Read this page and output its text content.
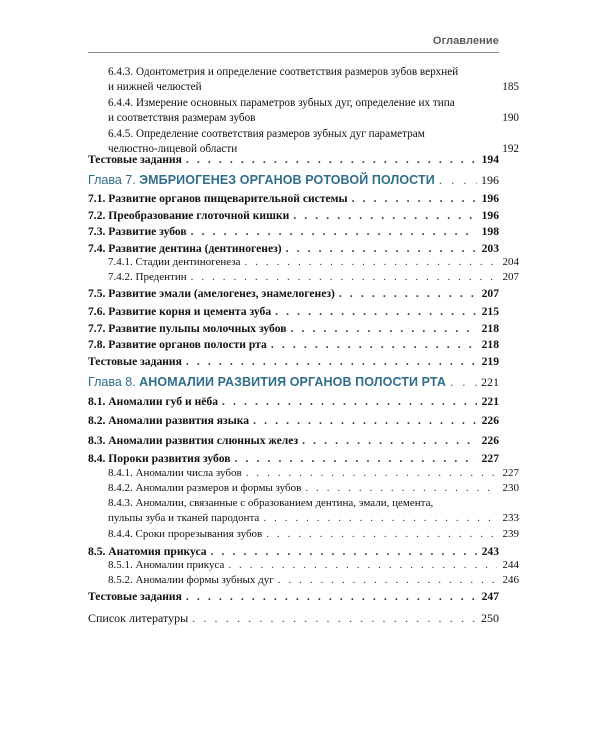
Оглавление
6.4.3. Одонтометрия и определение соответствия размеров зубов верхней
и нижней челюстей	185
6.4.4. Измерение основных параметров зубных дуг, определение их типа
и соответствия размерам зубов	190
6.4.5. Определение соответствия размеров зубных дуг параметрам
челюстно-лицевой области	192
Тестовые задания . . .	194
Глава 7. ЭМБРИОГЕНЕЗ ОРГАНОВ РОТОВОЙ ПОЛОСТИ . . .	196
7.1. Развитие органов пищеварительной системы . . .	196
7.2. Преобразование глоточной кишки . . .	196
7.3. Развитие зубов . . .	198
7.4. Развитие дентина (дентиногенез) . . .	203
7.4.1. Стадии дентиногенеза . . .	204
7.4.2. Предентин . . .	207
7.5. Развитие эмали (амелогенез, энамелогенез) . . .	207
7.6. Развитие корня и цемента зуба . . .	215
7.7. Развитие пульпы молочных зубов . . .	218
7.8. Развитие органов полости рта . . .	218
Тестовые задания . . .	219
Глава 8. АНОМАЛИИ РАЗВИТИЯ ОРГАНОВ ПОЛОСТИ РТА . . .	221
8.1. Аномалии губ и нёба . . .	221
8.2. Аномалии развития языка . . .	226
8.3. Аномалии развития слюнных желез . . .	226
8.4. Пороки развития зубов . . .	227
8.4.1. Аномалии числа зубов . . .	227
8.4.2. Аномалии размеров и формы зубов . . .	230
8.4.3. Аномалии, связанные с образованием дентина, эмали, цемента,
пульпы зуба и тканей пародонта . . .	233
8.4.4. Сроки прорезывания зубов . . .	239
8.5. Анатомия прикуса . . .	243
8.5.1. Аномалии прикуса . . .	244
8.5.2. Аномалии формы зубных дуг . . .	246
Тестовые задания . . .	247
Список литературы . . .	250
